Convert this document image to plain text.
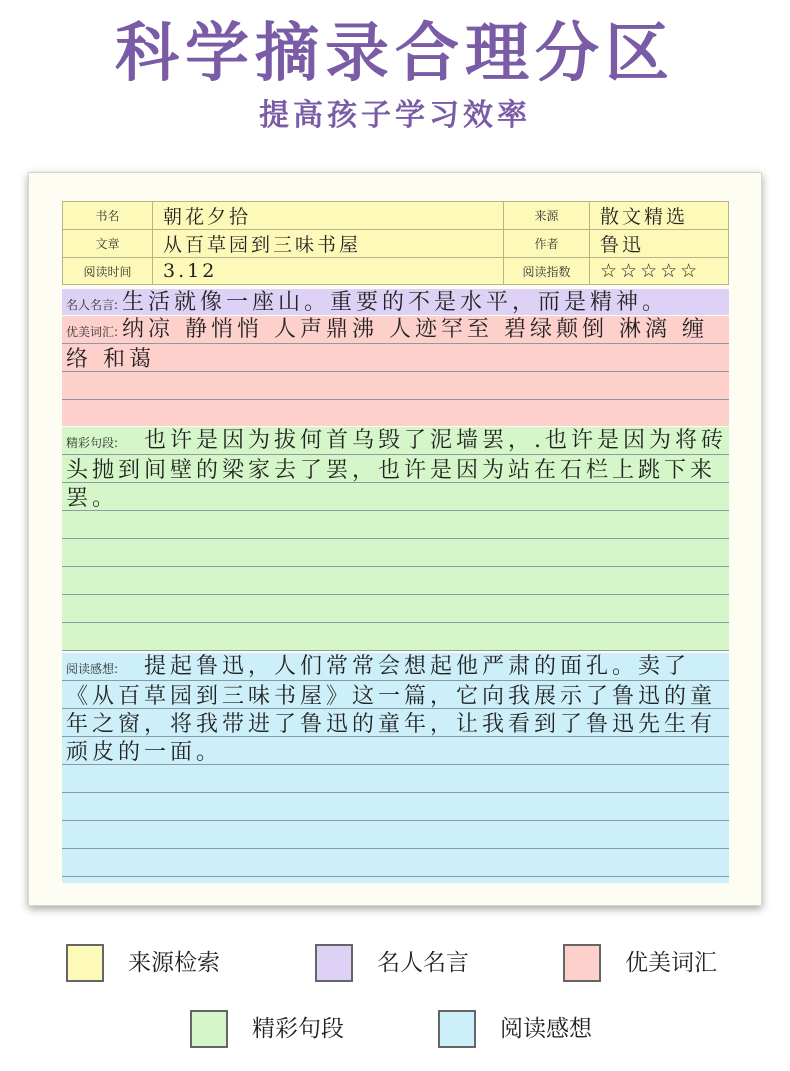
科学摘录合理分区
提高孩子学习效率
书名	朝花夕拾	来源	散文精选
文章	从百草园到三味书屋	作者	鲁迅
阅读时间	3.12	阅读指数	☆☆☆☆☆

名人名言: 生活就像一座山。重要的不是水平，而是精神。

优美词汇: 纳凉 静悄悄 人声鼎沸 人迹罕至 碧绿颠倒 淋漓 缠络 和蔼

精彩句段:  也许是因为拔何首乌毁了泥墙罢，.也许是因为将砖头抛到间壁的梁家去了罢，也许是因为站在石栏上跳下来罢。

阅读感想:  提起鲁迅，人们常常会想起他严肃的面孔。卖了《从百草园到三味书屋》这一篇，它向我展示了鲁迅的童年之窗，将我带进了鲁迅的童年，让我看到了鲁迅先生有顽皮的一面。

来源检索	名人名言	优美词汇
精彩句段	阅读感想
